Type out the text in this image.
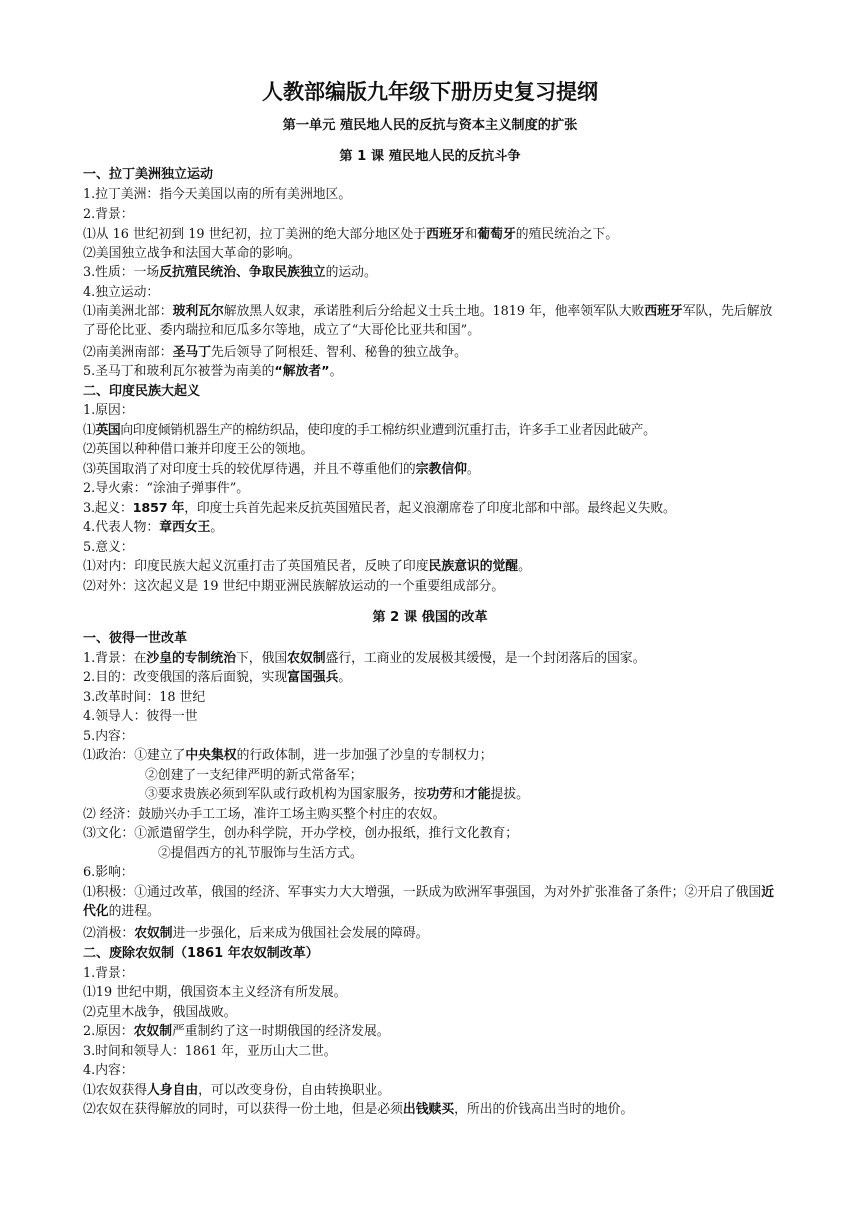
人教部编版九年级下册历史复习提纲
第一单元 殖民地人民的反抗与资本主义制度的扩张
第 1 课 殖民地人民的反抗斗争
一、拉丁美洲独立运动
1.拉丁美洲：指今天美国以南的所有美洲地区。
2.背景：
⑴从 16 世纪初到 19 世纪初，拉丁美洲的绝大部分地区处于西班牙和葡萄牙的殖民统治之下。
⑵美国独立战争和法国大革命的影响。
3.性质：一场反抗殖民统治、争取民族独立的运动。
4.独立运动：
⑴南美洲北部：玻利瓦尔解放黑人奴隶，承诺胜利后分给起义士兵土地。1819 年，他率领军队大败西班牙军队，先后解放了哥伦比亚、委内瑞拉和厄瓜多尔等地，成立了“大哥伦比亚共和国”。
⑵南美洲南部：圣马丁先后领导了阿根廷、智利、秘鲁的独立战争。
5.圣马丁和玻利瓦尔被誉为南美的“解放者”。
二、印度民族大起义
1.原因：
⑴英国向印度倾销机器生产的棉纺织品，使印度的手工棉纺织业遭到沉重打击，许多手工业者因此破产。
⑵英国以种种借口兼并印度王公的领地。
⑶英国取消了对印度士兵的较优厚待遇，并且不尊重他们的宗教信仰。
2.导火索：“涂油子弹事件”。
3.起义：1857 年，印度士兵首先起来反抗英国殖民者，起义浪潮席卷了印度北部和中部。最终起义失败。
4.代表人物：章西女王。
5.意义：
⑴对内：印度民族大起义沉重打击了英国殖民者，反映了印度民族意识的觉醒。
⑵对外：这次起义是 19 世纪中期亚洲民族解放运动的一个重要组成部分。
第 2 课 俄国的改革
一、彼得一世改革
1.背景：在沙皇的专制统治下，俄国农奴制盛行，工商业的发展极其缓慢，是一个封闭落后的国家。
2.目的：改变俄国的落后面貌，实现富国强兵。
3.改革时间：18 世纪
4.领导人：彼得一世
5.内容：
⑴政治：①建立了中央集权的行政体制，进一步加强了沙皇的专制权力；
②创建了一支纪律严明的新式常备军；
③要求贵族必须到军队或行政机构为国家服务，按功劳和才能提拔。
⑵ 经济：鼓励兴办手工工场，准许工场主购买整个村庄的农奴。
⑶文化：①派遣留学生，创办科学院，开办学校，创办报纸，推行文化教育；
②提倡西方的礼节服饰与生活方式。
6.影响：
⑴积极：①通过改革，俄国的经济、军事实力大大增强，一跃成为欧洲军事强国，为对外扩张准备了条件；②开启了俄国近代化的进程。
⑵消极：农奴制进一步强化，后来成为俄国社会发展的障碍。
二、废除农奴制（1861 年农奴制改革）
1.背景：
⑴19 世纪中期，俄国资本主义经济有所发展。
⑵克里木战争，俄国战败。
2.原因：农奴制严重制约了这一时期俄国的经济发展。
3.时间和领导人：1861 年，亚历山大二世。
4.内容：
⑴农奴获得人身自由，可以改变身份，自由转换职业。
⑵农奴在获得解放的同时，可以获得一份土地，但是必须出钱赎买，所出的价钱高出当时的地价。
